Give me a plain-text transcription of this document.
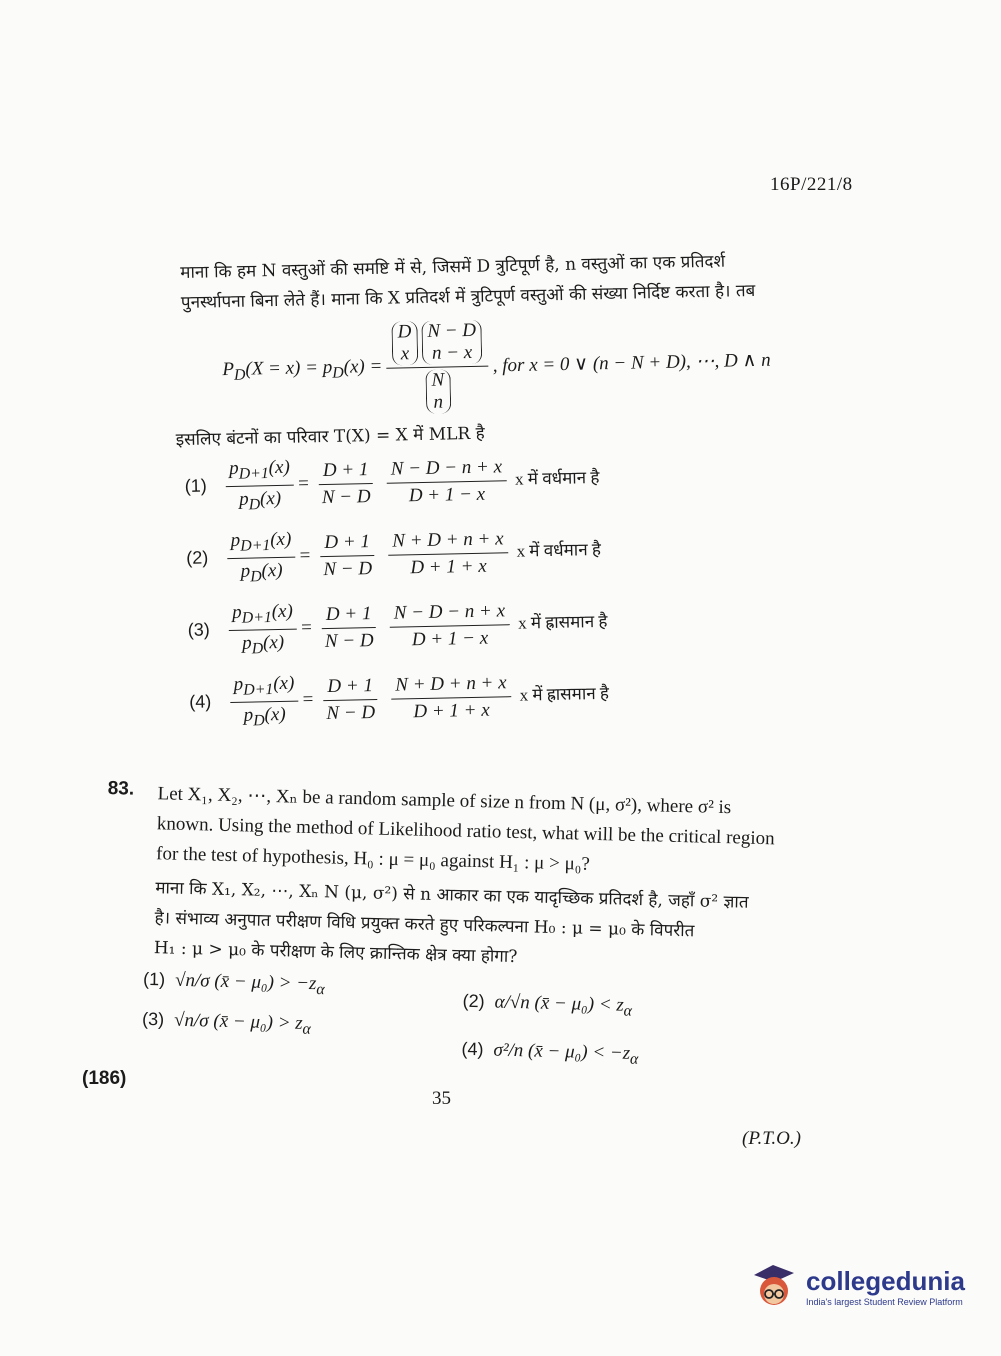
16P/221/8
माना कि हम N वस्तुओं की समष्टि में से, जिसमें D त्रुटिपूर्ण है, n वस्तुओं का एक प्रतिदर्श
पुनर्स्थापना बिना लेते हैं। माना कि X प्रतिदर्श में त्रुटिपूर्ण वस्तुओं की संख्या निर्दिष्ट करता है। तब
$P_D(X = x) = p_D(x) = D$
x
N − D
n − x
N
n , for x = 0 ∨ (n − N + D), ⋯, D ∧ n
इसलिए बंटनों का परिवार T(X) = X में MLR है
$(1) \frac{p_{D+1}(x)}{p_D(x)} = \frac{D + 1}{N - D}$
$\frac{N - D - n + x}{D + 1 - x}$ x में वर्धमान है
$(2) \frac{p_{D+1}(x)}{p_D(x)} = \frac{D + 1}{N - D}$
$\frac{N + D + n + x}{D + 1 + x}$ x में वर्धमान है
$(3) \frac{p_{D+1}(x)}{p_D(x)} = \frac{D + 1}{N - D}$
$\frac{N - D - n + x}{D + 1 - x}$ x में ह्रासमान है
$(4) \frac{p_{D+1}(x)}{p_D(x)} = \frac{D + 1}{N - D}$
$\frac{N + D + n + x}{D + 1 + x}$ x में ह्रासमान है
83.	Let X₁, X₂, ⋯, Xₙ be a random sample of size n from N (μ, σ²), where σ² is
known. Using the method of Likelihood ratio test, what will be the critical region
for the test of hypothesis, H₀ : μ = μ₀ against H₁ : μ > μ₀?
माना कि X₁, X₂, ⋯, Xₙ N (μ, σ²) से n आकार का एक यादृच्छिक प्रतिदर्श है, जहाँ σ² ज्ञात
है। संभाव्य अनुपात परीक्षण विधि प्रयुक्त करते हुए परिकल्पना H₀ : μ = μ₀ के विपरीत
H₁ : μ > μ₀ के परीक्षण के लिए क्रान्तिक क्षेत्र क्या होगा?
(1) √n/σ (x̄ − $\mu_0) > -z_\alpha$
(2) α/√n (x̄ − $\mu_0) < z_\alpha$
(3) √n/σ (x̄ − $\mu_0) > z_\alpha$
(4) σ²/n (x̄ − $\mu_0) < -z_\alpha$
(186)
35
(P.T.O.)
collegedunia
India's largest Student Review Platform
